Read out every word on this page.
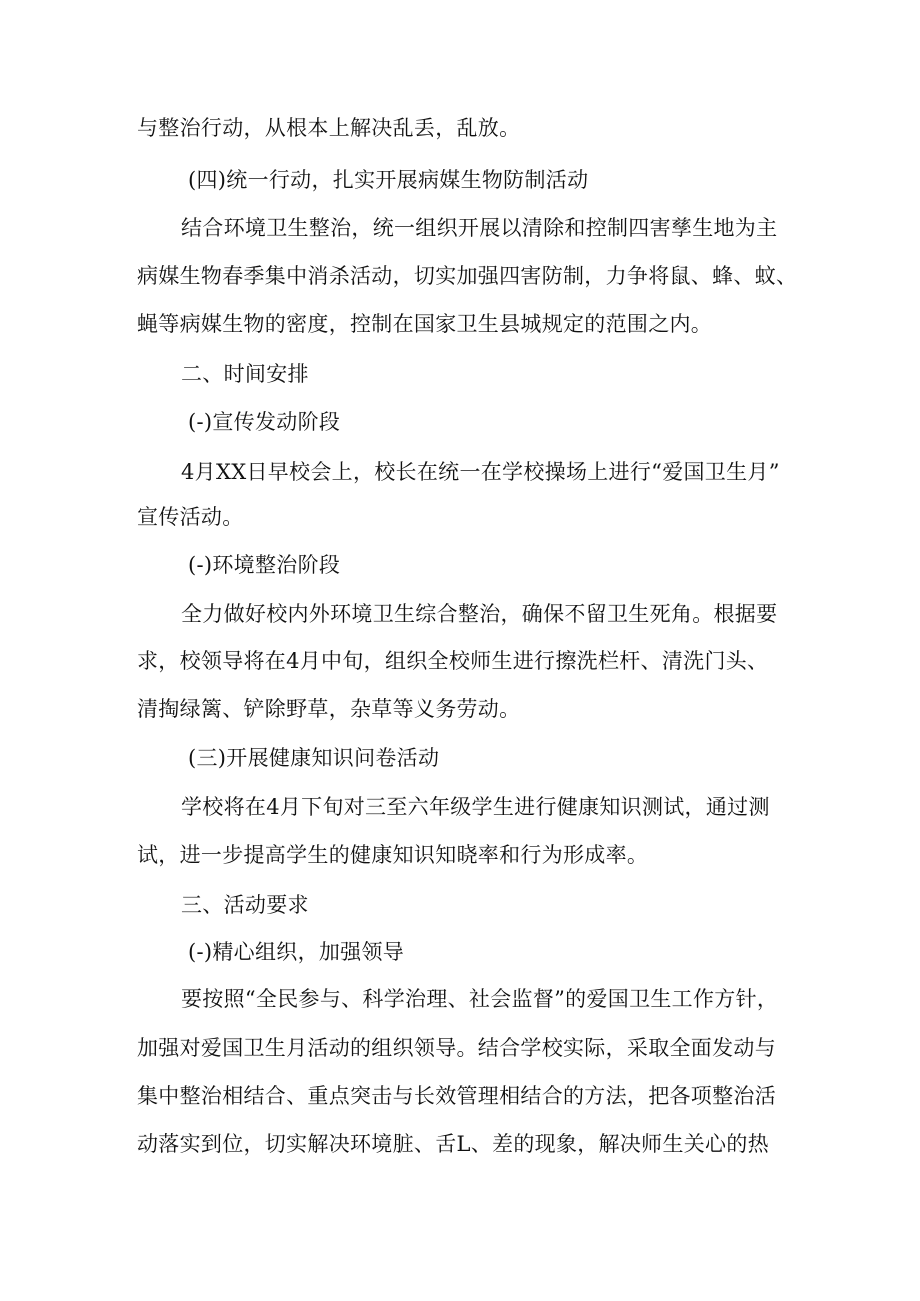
与整治行动，从根本上解决乱丢，乱放。
(四)统一行动，扎实开展病媒生物防制活动
结合环境卫生整治，统一组织开展以清除和控制四害孳生地为主
病媒生物春季集中消杀活动，切实加强四害防制，力争将鼠、蜂、蚊、
蝇等病媒生物的密度，控制在国家卫生县城规定的范围之内。
二、时间安排
(-)宣传发动阶段
4月XX日早校会上，校长在统一在学校操场上进行“爱国卫生月”
宣传活动。
(-)环境整治阶段
全力做好校内外环境卫生综合整治，确保不留卫生死角。根据要
求，校领导将在4月中旬，组织全校师生进行擦洗栏杆、清洗门头、
清掏绿篱、铲除野草，杂草等义务劳动。
(三)开展健康知识问卷活动
学校将在4月下旬对三至六年级学生进行健康知识测试，通过测
试，进一步提高学生的健康知识知晓率和行为形成率。
三、活动要求
(-)精心组织，加强领导
要按照“全民参与、科学治理、社会监督”的爱国卫生工作方针，
加强对爱国卫生月活动的组织领导。结合学校实际，采取全面发动与
集中整治相结合、重点突击与长效管理相结合的方法，把各项整治活
动落实到位，切实解决环境脏、舌L、差的现象，解决师生关心的热
